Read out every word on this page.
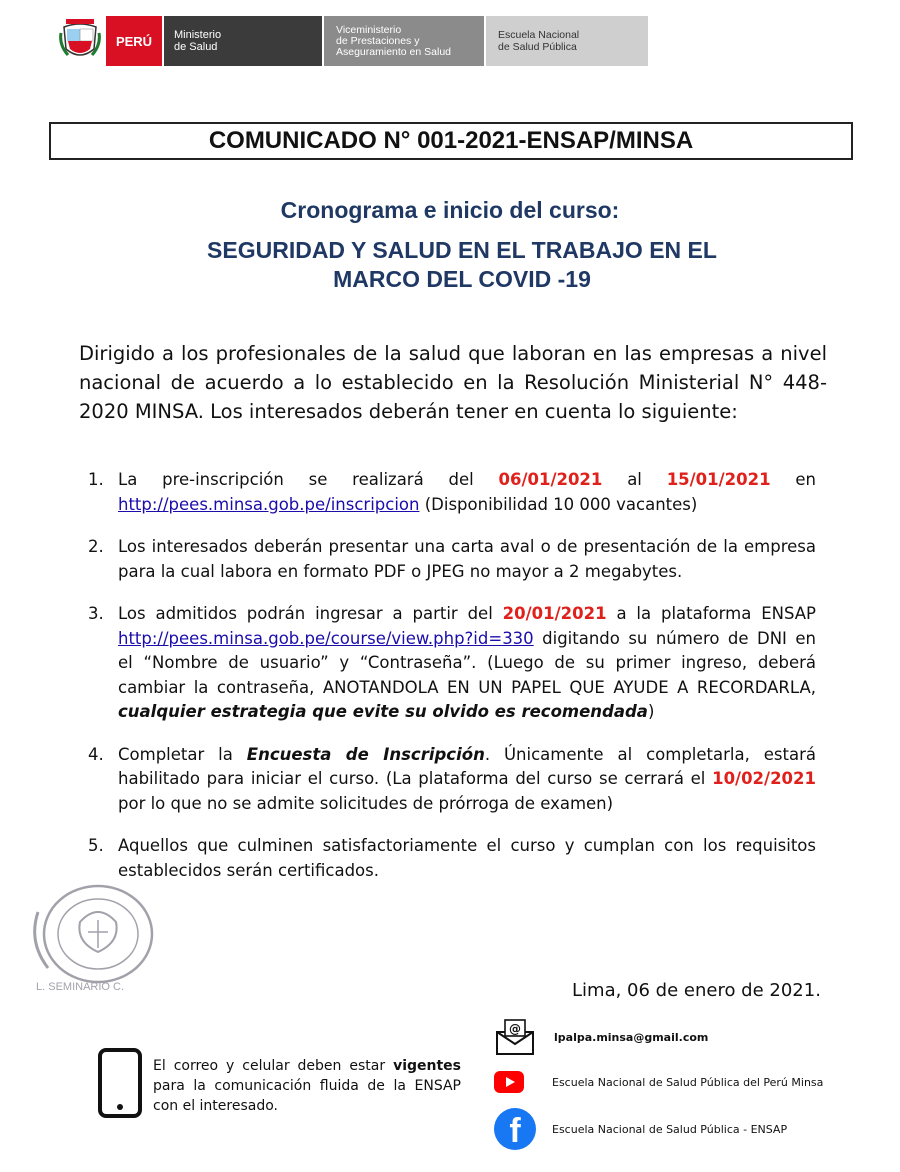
PERÚ	Ministerio
de Salud
Viceministerio
de Prestaciones y
Aseguramiento en Salud
Escuela Nacional
de Salud Pública
COMUNICADO N° 001-2021-ENSAP/MINSA
Cronograma e inicio del curso:
SEGURIDAD Y SALUD EN EL TRABAJO EN EL
MARCO DEL COVID -19

Dirigido a los profesionales de la salud que laboran en las empresas a nivel nacional de acuerdo a lo establecido en la Resolución Ministerial N° 448-2020 MINSA. Los interesados deberán tener en cuenta lo siguiente:

1. La pre-inscripción se realizará del 06/01/2021 al 15/01/2021 en http://pees.minsa.gob.pe/inscripcion (Disponibilidad 10 000 vacantes)
2. Los interesados deberán presentar una carta aval o de presentación de la empresa para la cual labora en formato PDF o JPEG no mayor a 2 megabytes.
3. Los admitidos podrán ingresar a partir del 20/01/2021 a la plataforma ENSAP http://pees.minsa.gob.pe/course/view.php?id=330 digitando su número de DNI en el “Nombre de usuario” y “Contraseña”. (Luego de su primer ingreso, deberá cambiar la contraseña, ANOTANDOLA EN UN PAPEL QUE AYUDE A RECORDARLA, cualquier estrategia que evite su olvido es recomendada)
4. Completar la Encuesta de Inscripción. Únicamente al completarla, estará habilitado para iniciar el curso. (La plataforma del curso se cerrará el 10/02/2021 por lo que no se admite solicitudes de prórroga de examen)
5. Aquellos que culminen satisfactoriamente el curso y cumplan con los requisitos establecidos serán certificados.
L. SEMINARIO C.	Lima, 06 de enero de 2021.

El correo y celular deben estar vigentes para la comunicación fluida de la ENSAP con el interesado.

@
lpalpa.minsa@gmail.com
Escuela Nacional de Salud Pública del Perú Minsa
f	Escuela Nacional de Salud Pública - ENSAP
